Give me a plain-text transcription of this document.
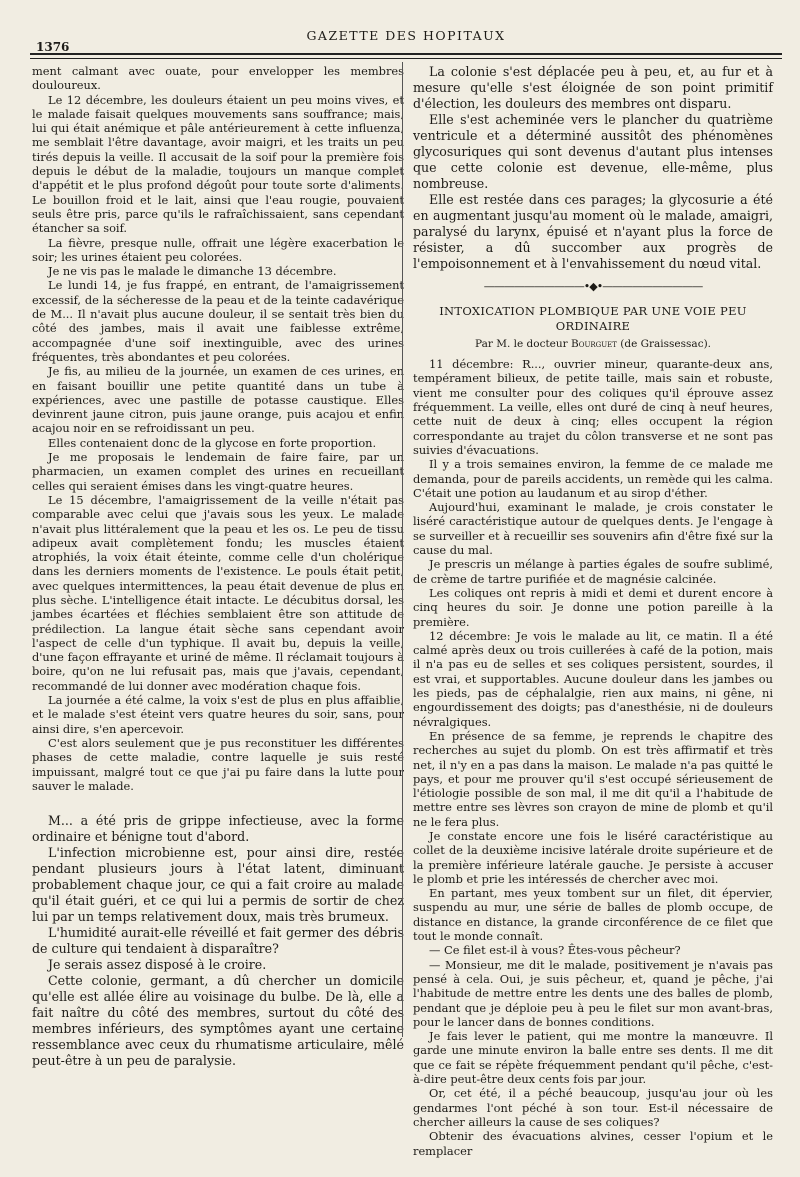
1376
GAZETTE DES HOPITAUX

ment calmant avec ouate, pour envelopper les membres douloureux.

Le 12 décembre, les douleurs étaient un peu moins vives, et le malade faisait quelques mouvements sans souffrance; mais, lui qui était anémique et pâle antérieurement à cette influenza, me semblait l'être davantage, avoir maigri, et les traits un peu tirés depuis la veille. Il accusait de la soif pour la première fois depuis le début de la maladie, toujours un manque complet d'appétit et le plus profond dégoût pour toute sorte d'aliments. Le bouillon froid et le lait, ainsi que l'eau rougie, pouvaient seuls être pris, parce qu'ils le rafraîchissaient, sans cependant étancher sa soif.

La fièvre, presque nulle, offrait une légère exacerbation le soir; les urines étaient peu colorées.

Je ne vis pas le malade le dimanche 13 décembre.

Le lundi 14, je fus frappé, en entrant, de l'amaigrissement excessif, de la sécheresse de la peau et de la teinte cadavérique de M... Il n'avait plus aucune douleur, il se sentait très bien du côté des jambes, mais il avait une faiblesse extrême, accompagnée d'une soif inextinguible, avec des urines fréquentes, très abondantes et peu colorées.

Je fis, au milieu de la journée, un examen de ces urines, en en faisant bouillir une petite quantité dans un tube à expériences, avec une pastille de potasse caustique. Elles devinrent jaune citron, puis jaune orange, puis acajou et enfin acajou noir en se refroidissant un peu.

Elles contenaient donc de la glycose en forte proportion.

Je me proposais le lendemain de faire faire, par un pharmacien, un examen complet des urines en recueillant celles qui seraient émises dans les vingt-quatre heures.

Le 15 décembre, l'amaigrissement de la veille n'était pas comparable avec celui que j'avais sous les yeux. Le malade n'avait plus littéralement que la peau et les os. Le peu de tissu adipeux avait complètement fondu; les muscles étaient atrophiés, la voix était éteinte, comme celle d'un cholérique dans les derniers moments de l'existence. Le pouls était petit, avec quelques intermittences, la peau était devenue de plus en plus sèche. L'intelligence était intacte. Le décubitus dorsal, les jambes écartées et fléchies semblaient être son attitude de prédilection. La langue était sèche sans cependant avoir l'aspect de celle d'un typhique. Il avait bu, depuis la veille, d'une façon effrayante et uriné de même. Il réclamait toujours à boire, qu'on ne lui refusait pas, mais que j'avais, cependant, recommandé de lui donner avec modération chaque fois.

La journée a été calme, la voix s'est de plus en plus affaiblie, et le malade s'est éteint vers quatre heures du soir, sans, pour ainsi dire, s'en apercevoir.

C'est alors seulement que je pus reconstituer les différentes phases de cette maladie, contre laquelle je suis resté impuissant, malgré tout ce que j'ai pu faire dans la lutte pour sauver le malade.

M... a été pris de grippe infectieuse, avec la forme ordinaire et bénigne tout d'abord.

L'infection microbienne est, pour ainsi dire, restée pendant plusieurs jours à l'état latent, diminuant probablement chaque jour, ce qui a fait croire au malade qu'il était guéri, et ce qui lui a permis de sortir de chez lui par un temps relativement doux, mais très brumeux.

L'humidité aurait-elle réveillé et fait germer des débris de culture qui tendaient à disparaître?

Je serais assez disposé à le croire.

Cette colonie, germant, a dû chercher un domicile qu'elle est allée élire au voisinage du bulbe. De là, elle a fait naître du côté des membres, surtout du côté des membres inférieurs, des symptômes ayant une certaine ressemblance avec ceux du rhumatisme articulaire, mêlé peut-être à un peu de paralysie.

La colonie s'est déplacée peu à peu, et, au fur et à mesure qu'elle s'est éloignée de son point primitif d'élection, les douleurs des membres ont disparu.

Elle s'est acheminée vers le plancher du quatrième ventricule et a déterminé aussitôt des phénomènes glycosuriques qui sont devenus d'autant plus intenses que cette colonie est devenue, elle-même, plus nombreuse.

Elle est restée dans ces parages; la glycosurie a été en augmentant jusqu'au moment où le malade, amaigri, paralysé du larynx, épuisé et n'ayant plus la force de résister, a dû succomber aux progrès de l'empoisonnement et à l'envahissement du nœud vital.

——————————•◆•——————————
INTOXICATION PLOMBIQUE PAR UNE VOIE PEU ORDINAIRE
Par M. le docteur Bourguet (de Graissessac).

11 décembre: R..., ouvrier mineur, quarante-deux ans, tempérament bilieux, de petite taille, mais sain et robuste, vient me consulter pour des coliques qu'il éprouve assez fréquemment. La veille, elles ont duré de cinq à neuf heures, cette nuit de deux à cinq; elles occupent la région correspondante au trajet du côlon transverse et ne sont pas suivies d'évacuations.

Il y a trois semaines environ, la femme de ce malade me demanda, pour de pareils accidents, un remède qui les calma. C'était une potion au laudanum et au sirop d'éther.

Aujourd'hui, examinant le malade, je crois constater le liséré caractéristique autour de quelques dents. Je l'engage à se surveiller et à recueillir ses souvenirs afin d'être fixé sur la cause du mal.

Je prescris un mélange à parties égales de soufre sublimé, de crème de tartre purifiée et de magnésie calcinée.

Les coliques ont repris à midi et demi et durent encore à cinq heures du soir. Je donne une potion pareille à la première.

12 décembre: Je vois le malade au lit, ce matin. Il a été calmé après deux ou trois cuillerées à café de la potion, mais il n'a pas eu de selles et ses coliques persistent, sourdes, il est vrai, et supportables. Aucune douleur dans les jambes ou les pieds, pas de céphalalgie, rien aux mains, ni gêne, ni engourdissement des doigts; pas d'anesthésie, ni de douleurs névralgiques.

En présence de sa femme, je reprends le chapitre des recherches au sujet du plomb. On est très affirmatif et très net, il n'y en a pas dans la maison. Le malade n'a pas quitté le pays, et pour me prouver qu'il s'est occupé sérieusement de l'étiologie possible de son mal, il me dit qu'il a l'habitude de mettre entre ses lèvres son crayon de mine de plomb et qu'il ne le fera plus.

Je constate encore une fois le liséré caractéristique au collet de la deuxième incisive latérale droite supérieure et de la première inférieure latérale gauche. Je persiste à accuser le plomb et prie les intéressés de chercher avec moi.

En partant, mes yeux tombent sur un filet, dit épervier, suspendu au mur, une série de balles de plomb occupe, de distance en distance, la grande circonférence de ce filet que tout le monde connaît.

— Ce filet est-il à vous? Êtes-vous pêcheur?

— Monsieur, me dit le malade, positivement je n'avais pas pensé à cela. Oui, je suis pêcheur, et, quand je pêche, j'ai l'habitude de mettre entre les dents une des balles de plomb, pendant que je déploie peu à peu le filet sur mon avant-bras, pour le lancer dans de bonnes conditions.

Je fais lever le patient, qui me montre la manœuvre. Il garde une minute environ la balle entre ses dents. Il me dit que ce fait se répète fréquemment pendant qu'il pêche, c'est-à-dire peut-être deux cents fois par jour.

Or, cet été, il a péché beaucoup, jusqu'au jour où les gendarmes l'ont péché à son tour. Est-il nécessaire de chercher ailleurs la cause de ses coliques?

Obtenir des évacuations alvines, cesser l'opium et le remplacer
